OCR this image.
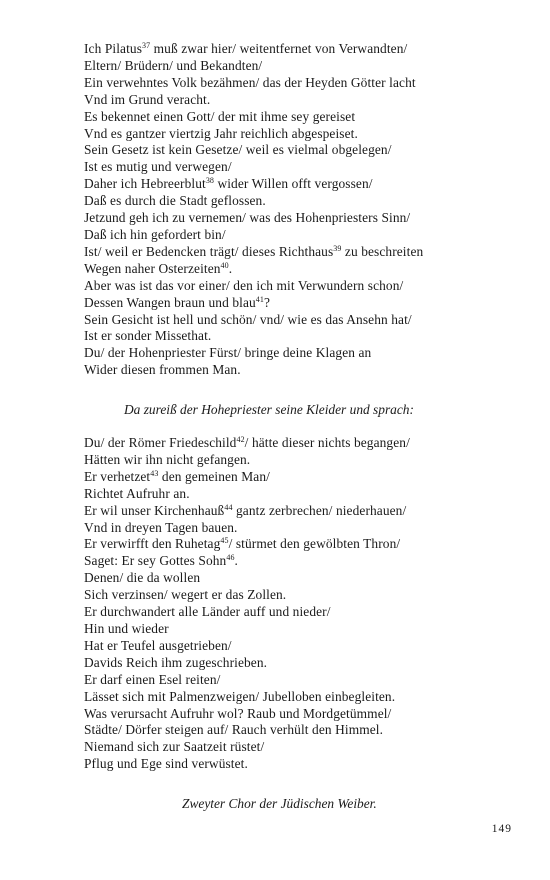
Ich Pilatus$^{37}$ muß zwar hier/ weitentfernet von Verwandten/
Eltern/ Brüdern/ und Bekandten/
Ein verwehntes Volk bezähmen/ das der Heyden Götter lacht
Vnd im Grund veracht.
Es bekennet einen Gott/ der mit ihme sey gereiset
Vnd es gantzer viertzig Jahr reichlich abgespeiset.
Sein Gesetz ist kein Gesetze/ weil es vielmal obgelegen/
Ist es mutig und verwegen/
Daher ich Hebreerblut$^{38}$ wider Willen offt vergossen/
Daß es durch die Stadt geflossen.
Jetzund geh ich zu vernemen/ was des Hohenpriesters Sinn/
Daß ich hin gefordert bin/
Ist/ weil er Bedencken trägt/ dieses Richthaus$^{39}$ zu beschreiten
Wegen naher Osterzeiten$^{40}$.
Aber was ist das vor einer/ den ich mit Verwundern schon/
Dessen Wangen braun und blau$^{41}$?
Sein Gesicht ist hell und schön/ vnd/ wie es das Ansehn hat/
Ist er sonder Missethat.
Du/ der Hohenpriester Fürst/ bringe deine Klagen an
Wider diesen frommen Man.
Da zureiß der Hohepriester seine Kleider und sprach:
Du/ der Römer Friedeschild$^{42}$/ hätte dieser nichts begangen/
Hätten wir ihn nicht gefangen.
Er verhetzet$^{43}$ den gemeinen Man/
Richtet Aufruhr an.
Er wil unser Kirchenhauß$^{44}$ gantz zerbrechen/ niederhauen/
Vnd in dreyen Tagen bauen.
Er verwirfft den Ruhetag$^{45}$/ stürmet den gewölbten Thron/
Saget: Er sey Gottes Sohn$^{46}$.
Denen/ die da wollen
Sich verzinsen/ wegert er das Zollen.
Er durchwandert alle Länder auff und nieder/
Hin und wieder
Hat er Teufel ausgetrieben/
Davids Reich ihm zugeschrieben.
Er darf einen Esel reiten/
Lässet sich mit Palmenzweigen/ Jubelloben einbegleiten.
Was verursacht Aufruhr wol? Raub und Mordgetümmel/
Städte/ Dörfer steigen auf/ Rauch verhült den Himmel.
Niemand sich zur Saatzeit rüstet/
Pflug und Ege sind verwüstet.
Zweyter Chor der Jüdischen Weiber.
149
